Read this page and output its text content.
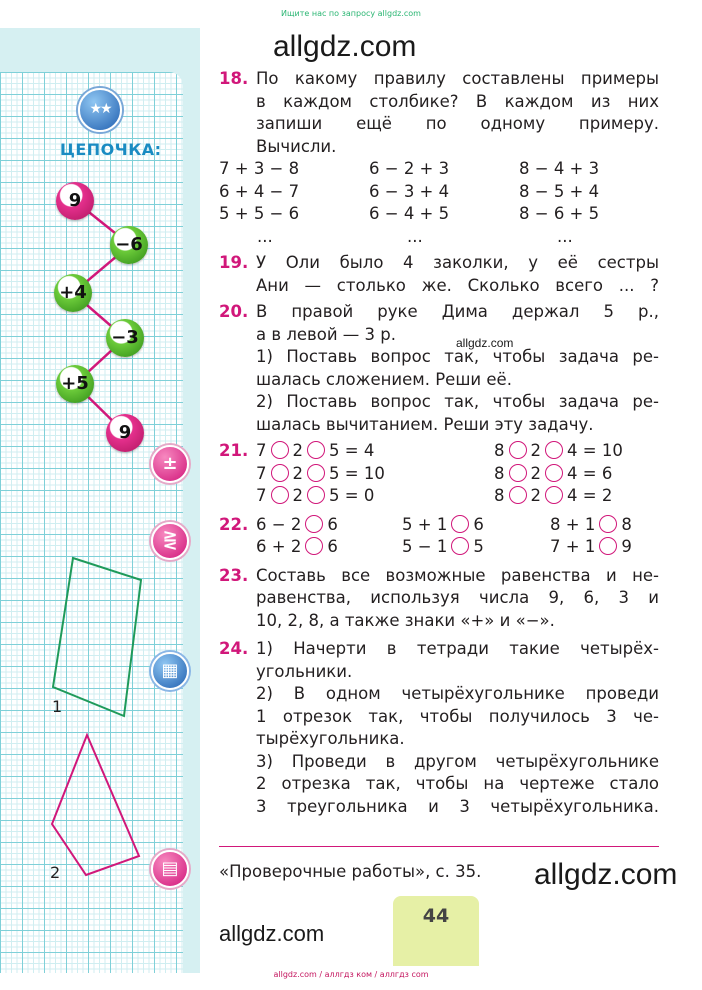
Ищите нас по запросу allgdz.com
allgdz.com
allgdz.com
★★
ЦЕПОЧКА:
9
−6
+4
−3
+5
9
±
⋛
▦
▤
1
2
18. По какому правилу составлены примеры
в каждом столбике? В каждом из них
запиши ещё по одному примеру.
Вычисли.
7 + 3 − 8	6 − 2 + 3	8 − 4 + 3
6 + 4 − 7	6 − 3 + 4	8 − 5 + 4
5 + 5 − 6	6 − 4 + 5	8 − 6 + 5
...	...	...
19. У Оли было 4 заколки, у её сестры
Ани — столько же. Сколько всего ... ?
20. В правой руке Дима держал 5 р.,
а в левой — 3 р.
1) Поставь вопрос так, чтобы задача ре-
шалась сложением. Реши её.
2) Поставь вопрос так, чтобы задача ре-
шалась вычитанием. Реши эту задачу.
21. 7 2 5 = 4	8 2 4 = 10
7 2 5 = 10	8 2 4 = 6
7 2 5 = 0	8 2 4 = 2
22. 6 − 2 6	5 + 1 6	8 + 1 8
6 + 2 6	5 − 1 5	7 + 1 9
23. Составь все возможные равенства и не-
равенства, используя числа 9, 6, 3 и
10, 2, 8, а также знаки «+» и «−».
24. 1) Начерти в тетради такие четырёх-
угольники.
2) В одном четырёхугольнике проведи
1 отрезок так, чтобы получилось 3 че-
тырёхугольника.
3) Проведи в другом четырёхугольнике
2 отрезка так, чтобы на чертеже стало
3 треугольника и 3 четырёхугольника.
«Проверочные работы», с. 35. allgdz.com
44
allgdz.com
allgdz.com / аллгдз ком / аллгдз com
